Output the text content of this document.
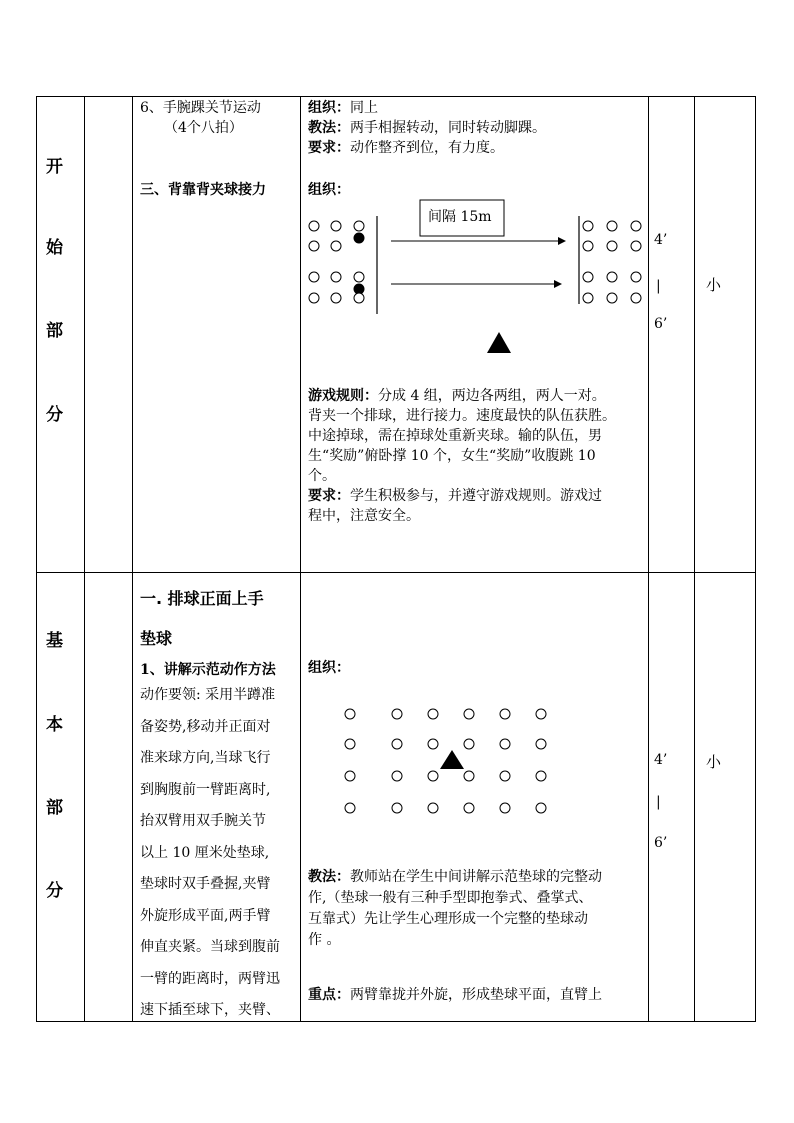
开
始
部
分
6、手腕踝关节运动
（4个八拍）
三、背靠背夹球接力

组织：同上

教法：两手相握转动，同时转动脚踝。

要求：动作整齐到位，有力度。

组织：
间隔 15m

游戏规则：分成 4 组，两边各两组，两人一对。

背夹一个排球，进行接力。速度最快的队伍获胜。

中途掉球，需在掉球处重新夹球。输的队伍，男

生“奖励”俯卧撑 10 个，女生“奖励”收腹跳 10

个。

要求：学生积极参与，并遵守游戏规则。游戏过

程中，注意安全。

4’
|
6’
小
基
本
部
分
一. 排球正面上手
垫球
1、讲解示范动作方法

动作要领: 采用半蹲准

备姿势,移动并正面对

准来球方向,当球飞行

到胸腹前一臂距离时,

抬双臂用双手腕关节

以上 10 厘米处垫球,

垫球时双手叠握,夹臂

外旋形成平面,两手臂

伸直夹紧。当球到腹前

一臂的距离时，两臂迅

速下插至球下，夹臂、

组织：

教法：教师站在学生中间讲解示范垫球的完整动

作,（垫球一般有三种手型即抱拳式、叠掌式、

互靠式）先让学生心理形成一个完整的垫球动

作 。

重点：两臂靠拢并外旋，形成垫球平面，直臂上
4’
|
6’
小
